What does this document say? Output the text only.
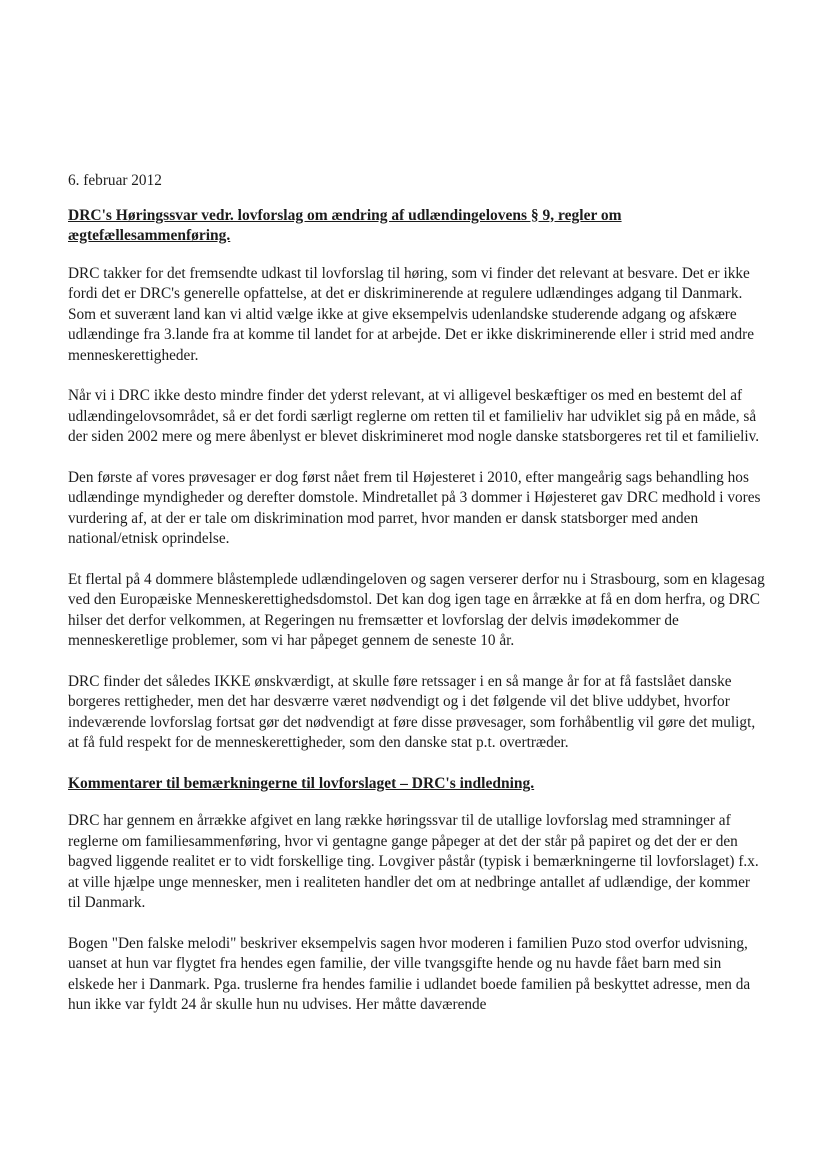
6. februar 2012

DRC's Høringssvar vedr. lovforslag om ændring af udlændingelovens § 9, regler om ægtefællesammenføring.

DRC takker for det fremsendte udkast til lovforslag til høring, som vi finder det relevant at besvare. Det er ikke fordi det er DRC's generelle opfattelse, at det er diskriminerende at regulere udlændinges adgang til Danmark. Som et suverænt land kan vi altid vælge ikke at give eksempelvis udenlandske studerende adgang og afskære udlændinge fra 3.lande fra at komme til landet for at arbejde. Det er ikke diskriminerende eller i strid med andre menneskerettigheder.

Når vi i DRC ikke desto mindre finder det yderst relevant, at vi alligevel beskæftiger os med en bestemt del af udlændingelovsområdet, så er det fordi særligt reglerne om retten til et familieliv har udviklet sig på en måde, så der siden 2002 mere og mere åbenlyst er blevet diskrimineret mod nogle danske statsborgeres ret til et familieliv.

Den første af vores prøvesager er dog først nået frem til Højesteret i 2010, efter mangeårig sags behandling hos udlændinge myndigheder og derefter domstole. Mindretallet på 3 dommer i Højesteret gav DRC medhold i vores vurdering af, at der er tale om diskrimination mod parret, hvor manden er dansk statsborger med anden national/etnisk oprindelse.

Et flertal på 4 dommere blåstemplede udlændingeloven og sagen verserer derfor nu i Strasbourg, som en klagesag ved den Europæiske Menneskerettighedsdomstol. Det kan dog igen tage en årrække at få en dom herfra, og DRC hilser det derfor velkommen, at Regeringen nu fremsætter et lovforslag der delvis imødekommer de menneskeretlige problemer, som vi har påpeget gennem de seneste 10 år.

DRC finder det således IKKE ønskværdigt, at skulle føre retssager i en så mange år for at få fastslået danske borgeres rettigheder, men det har desværre været nødvendigt og i det følgende vil det blive uddybet, hvorfor indeværende lovforslag fortsat gør det nødvendigt at føre disse prøvesager, som forhåbentlig vil gøre det muligt, at få fuld respekt for de menneskerettigheder, som den danske stat p.t. overtræder.

Kommentarer til bemærkningerne til lovforslaget – DRC's indledning.

DRC har gennem en årrække afgivet en lang række høringssvar til de utallige lovforslag med stramninger af reglerne om familiesammenføring, hvor vi gentagne gange påpeger at det der står på papiret og det der er den bagved liggende realitet er to vidt forskellige ting. Lovgiver påstår (typisk i bemærkningerne til lovforslaget) f.x. at ville hjælpe unge mennesker, men i realiteten handler det om at nedbringe antallet af udlændige, der kommer til Danmark.

Bogen "Den falske melodi" beskriver eksempelvis sagen hvor moderen i familien Puzo stod overfor udvisning, uanset at hun var flygtet fra hendes egen familie, der ville tvangsgifte hende og nu havde fået barn med sin elskede her i Danmark. Pga. truslerne fra hendes familie i udlandet boede familien på beskyttet adresse, men da hun ikke var fyldt 24 år skulle hun nu udvises. Her måtte daværende
